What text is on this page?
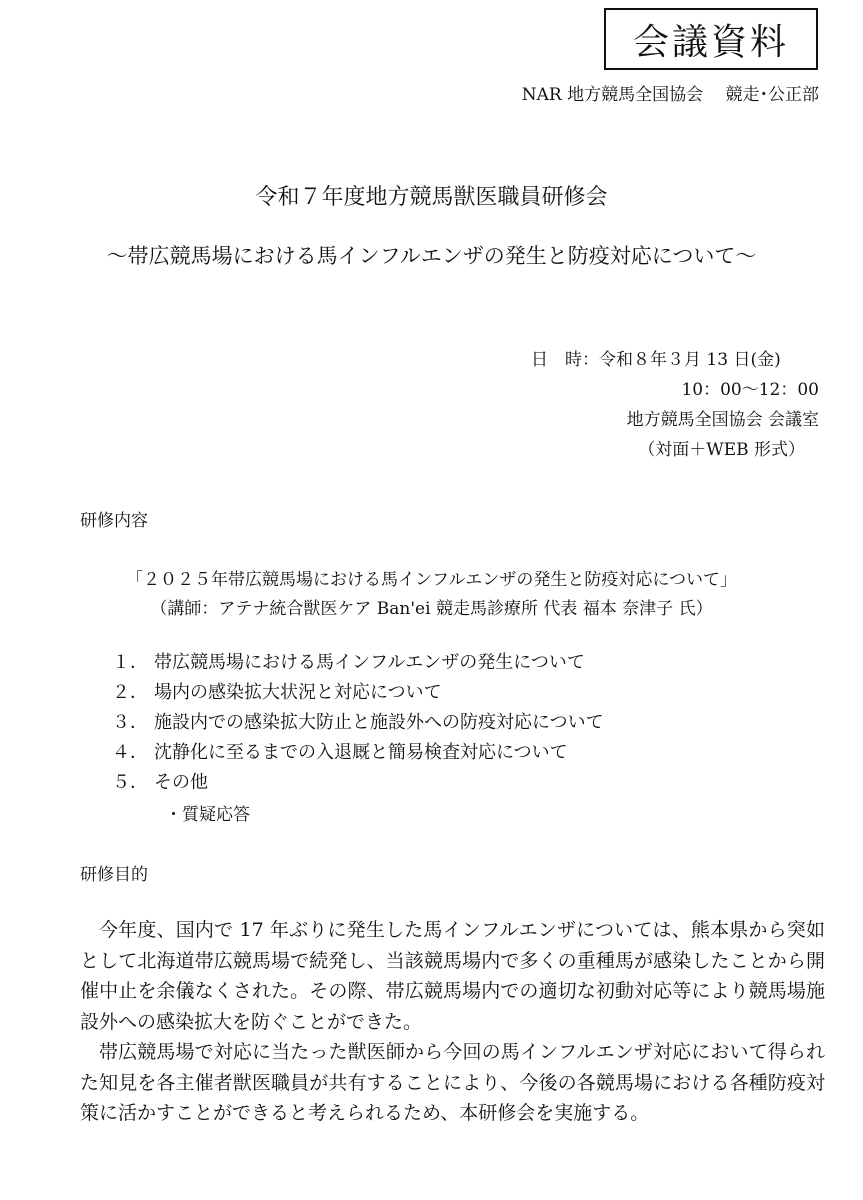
会議資料
NAR 地方競馬全国協会　 競走･公正部
令和７年度地方競馬獣医職員研修会
～帯広競馬場における馬インフルエンザの発生と防疫対応について～
日　時：令和８年３月 13 日(金)
10：00～12：00
地方競馬全国協会 会議室
（対面＋WEB 形式）
研修内容
「２０２５年帯広競馬場における馬インフルエンザの発生と防疫対応について」
（講師：アテナ統合獣医ケア Ban'ei 競走馬診療所 代表 福本 奈津子 氏）
１． 帯広競馬場における馬インフルエンザの発生について
２． 場内の感染拡大状況と対応について
３． 施設内での感染拡大防止と施設外への防疫対応について
４． 沈静化に至るまでの入退厩と簡易検査対応について
５． その他
・質疑応答
研修目的

今年度、国内で 17 年ぶりに発生した馬インフルエンザについては、熊本県から突如として北海道帯広競馬場で続発し、当該競馬場内で多くの重種馬が感染したことから開催中止を余儀なくされた。その際、帯広競馬場内での適切な初動対応等により競馬場施設外への感染拡大を防ぐことができた。

帯広競馬場で対応に当たった獣医師から今回の馬インフルエンザ対応において得られた知見を各主催者獣医職員が共有することにより、今後の各競馬場における各種防疫対策に活かすことができると考えられるため、本研修会を実施する。
